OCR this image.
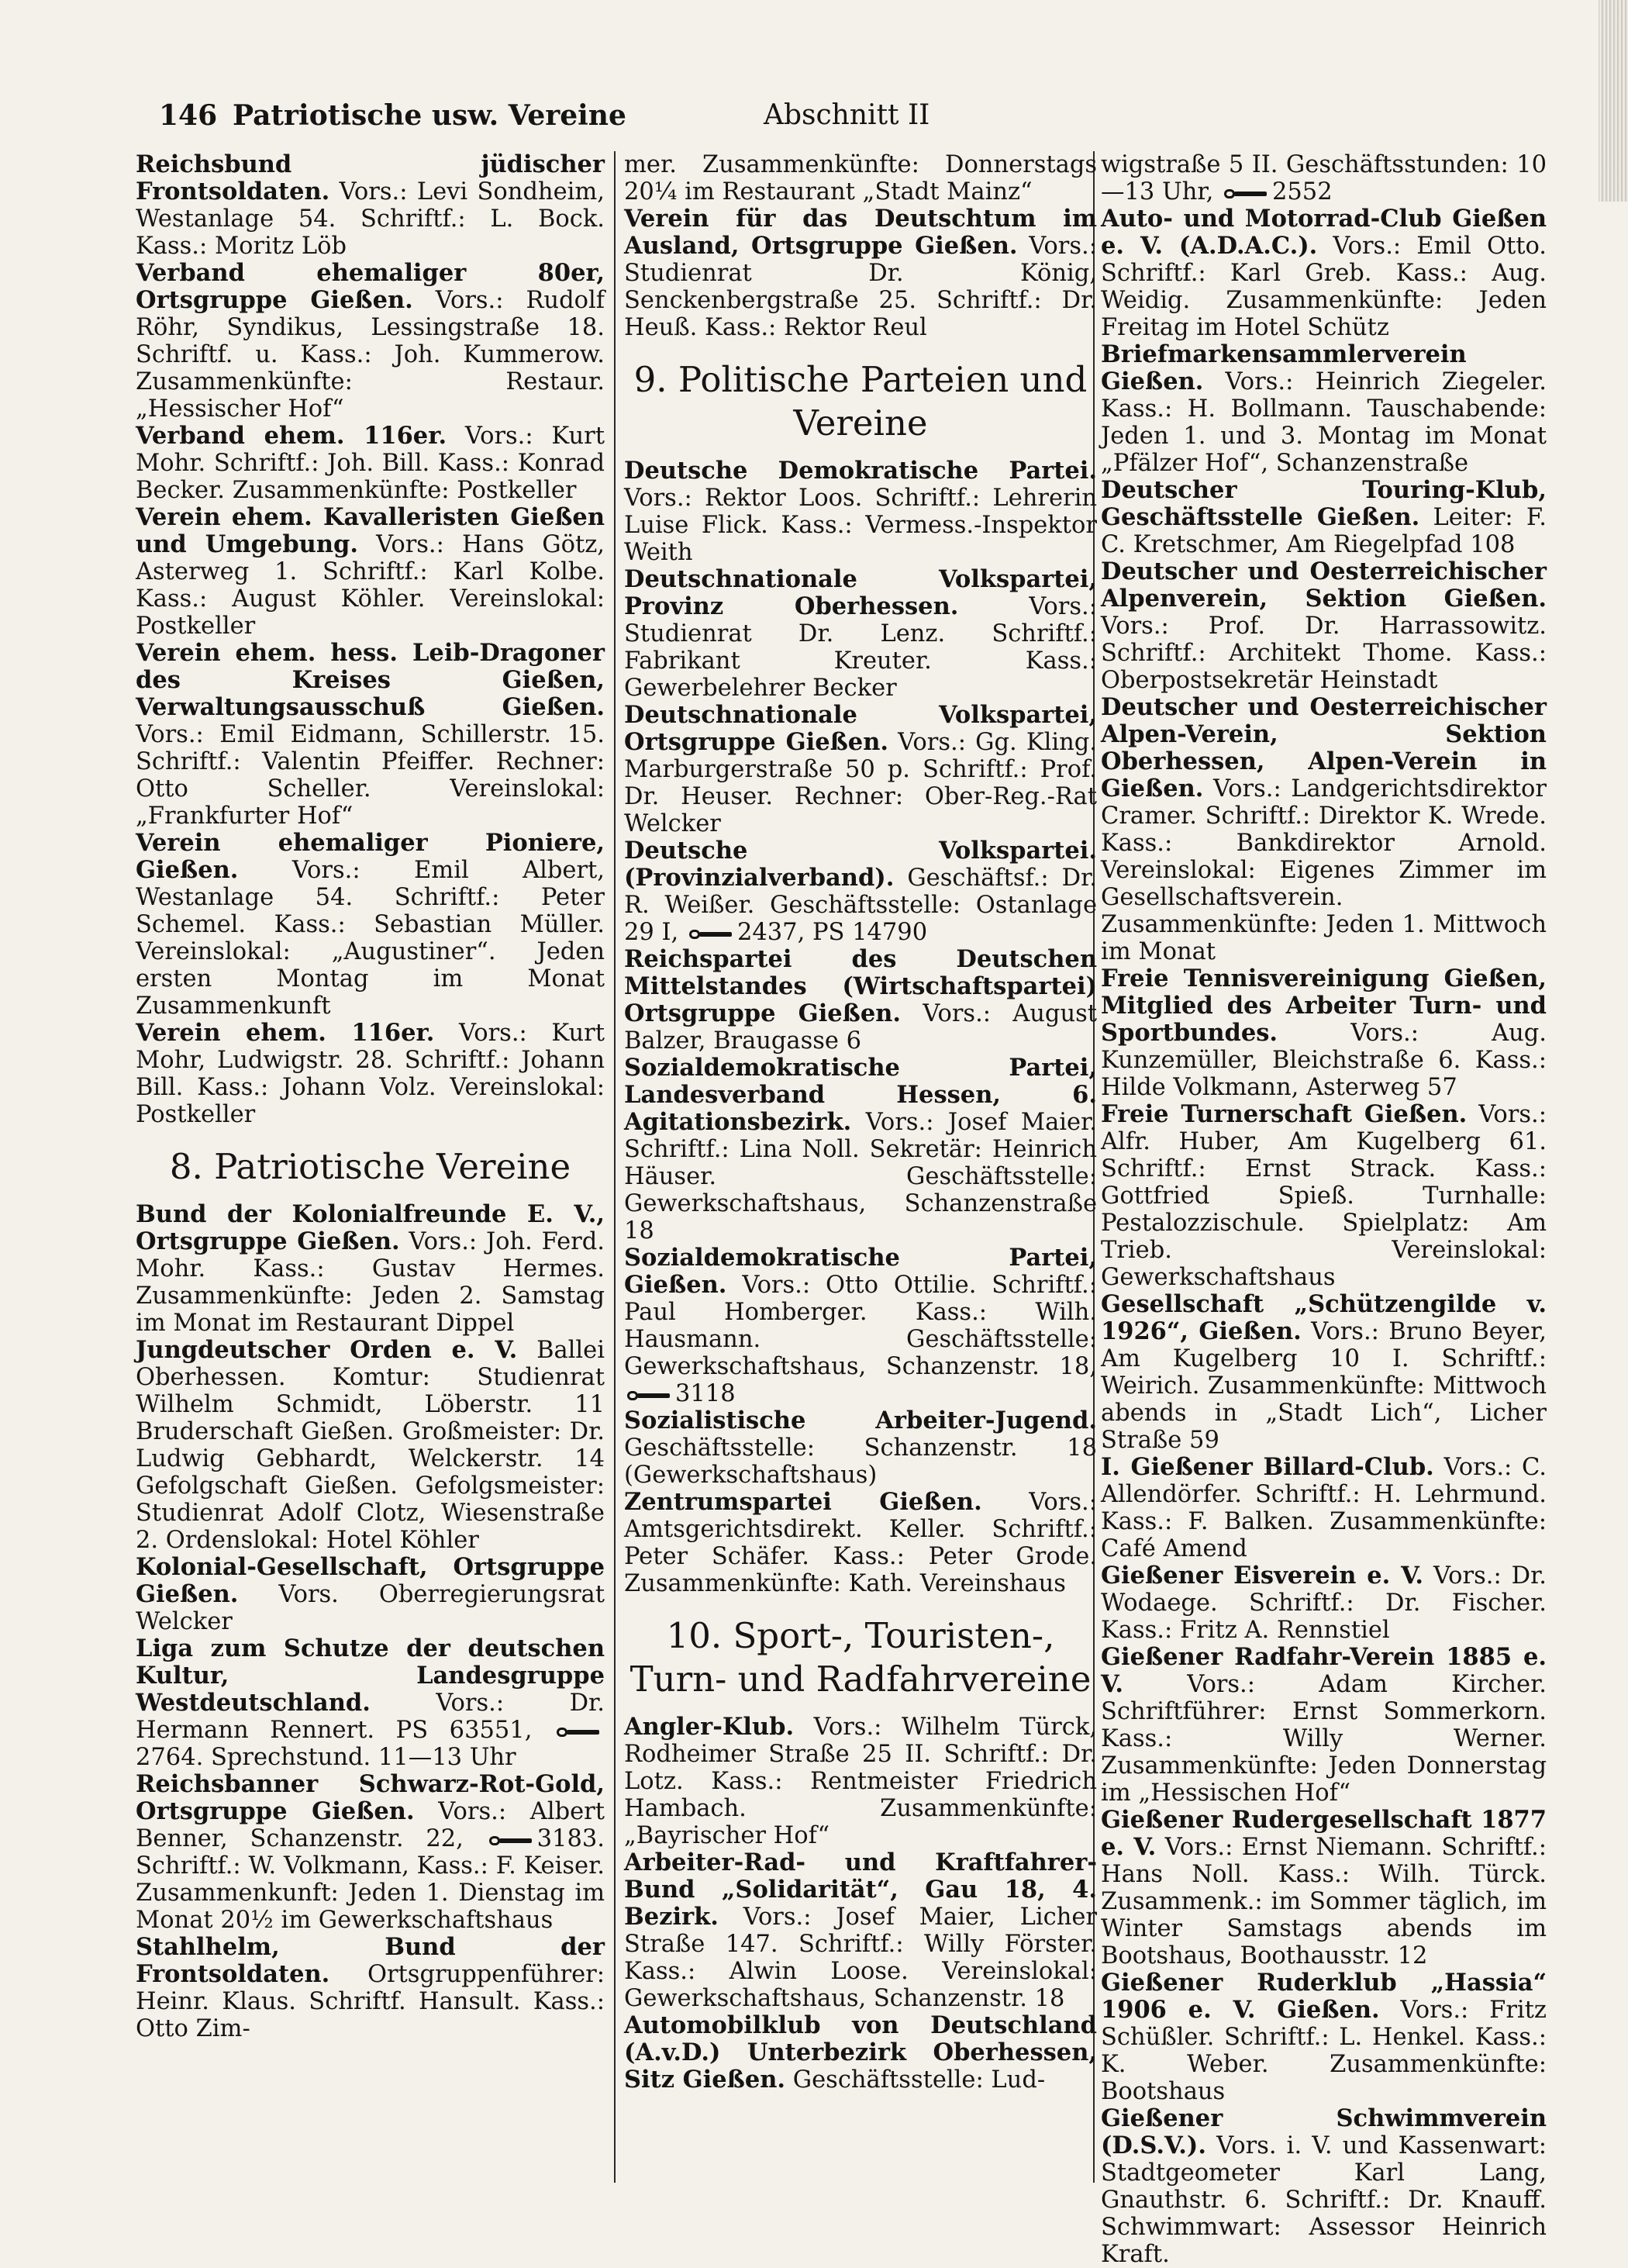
146 Patriotische usw. Vereine	Abschnitt II
Reichsbund jüdischer Frontsoldaten. Vors.: Levi Sondheim, Westanlage 54. Schriftf.: L. Bock. Kass.: Moritz Löb
Verband ehemaliger 80er, Ortsgruppe Gießen. Vors.: Rudolf Röhr, Syndikus, Lessingstraße 18. Schriftf. u. Kass.: Joh. Kummerow. Zusammenkünfte: Restaur. „Hessischer Hof“
Verband ehem. 116er. Vors.: Kurt Mohr. Schriftf.: Joh. Bill. Kass.: Konrad Becker. Zusammenkünfte: Postkeller
Verein ehem. Kavalleristen Gießen und Umgebung. Vors.: Hans Götz, Asterweg 1. Schriftf.: Karl Kolbe. Kass.: August Köhler. Vereinslokal: Postkeller
Verein ehem. hess. Leib-Dragoner des Kreises Gießen, Verwaltungsausschuß Gießen. Vors.: Emil Eidmann, Schillerstr. 15. Schriftf.: Valentin Pfeiffer. Rechner: Otto Scheller. Vereinslokal: „Frankfurter Hof“
Verein ehemaliger Pioniere, Gießen. Vors.: Emil Albert, Westanlage 54. Schriftf.: Peter Schemel. Kass.: Sebastian Müller. Vereinslokal: „Augustiner“. Jeden ersten Montag im Monat Zusammenkunft
Verein ehem. 116er. Vors.: Kurt Mohr, Ludwigstr. 28. Schriftf.: Johann Bill. Kass.: Johann Volz. Vereinslokal: Postkeller
8. Patriotische Vereine
Bund der Kolonialfreunde E. V., Ortsgruppe Gießen. Vors.: Joh. Ferd. Mohr. Kass.: Gustav Hermes. Zusammenkünfte: Jeden 2. Samstag im Monat im Restaurant Dippel
Jungdeutscher Orden e. V. Ballei Oberhessen. Komtur: Studienrat Wilhelm Schmidt, Löberstr. 11 Bruderschaft Gießen. Großmeister: Dr. Ludwig Gebhardt, Welckerstr. 14 Gefolgschaft Gießen. Gefolgsmeister: Studienrat Adolf Clotz, Wiesenstraße 2. Ordenslokal: Hotel Köhler
Kolonial-Gesellschaft, Ortsgruppe Gießen. Vors. Oberregierungsrat Welcker
Liga zum Schutze der deutschen Kultur, Landesgruppe Westdeutschland.	Vors.: Dr. Hermann Rennert. PS 63551, 2764. Sprechstund. 11—13 Uhr
Reichsbanner Schwarz-Rot-Gold, Ortsgruppe Gießen. Vors.: Albert Benner, Schanzenstr. 22,	3183. Schriftf.: W. Volkmann, Kass.: F. Keiser. Zusammenkunft: Jeden 1. Dienstag im Monat 20½ im Gewerkschaftshaus
Stahlhelm, Bund der Frontsoldaten. Ortsgruppenführer: Heinr. Klaus. Schriftf. Hansult. Kass.: Otto Zim-
mer. Zusammenkünfte: Donnerstags 20¼ im Restaurant „Stadt Mainz“
Verein für das Deutschtum im Ausland, Ortsgruppe Gießen. Vors.: Studienrat Dr. König, Senckenbergstraße 25. Schriftf.: Dr. Heuß. Kass.: Rektor Reul
9. Politische Parteien und Vereine
Deutsche Demokratische Partei. Vors.: Rektor Loos. Schriftf.: Lehrerin Luise Flick. Kass.: Vermess.-Inspektor Weith
Deutschnationale Volkspartei, Provinz Oberhessen.	Vors.: Studienrat Dr. Lenz. Schriftf.: Fabrikant Kreuter. Kass.: Gewerbelehrer Becker
Deutschnationale Volkspartei, Ortsgruppe Gießen. Vors.: Gg. Kling. Marburgerstraße 50 p. Schriftf.: Prof. Dr. Heuser. Rechner: Ober-Reg.-Rat Welcker
Deutsche Volkspartei. (Provinzialverband). Geschäftsf.: Dr. R. Weißer. Geschäftsstelle: Ostanlage 29 I, 2437, PS 14790
Reichspartei des Deutschen Mittelstandes (Wirtschaftspartei) Ortsgruppe Gießen. Vors.: August Balzer, Braugasse 6
Sozialdemokratische Partei, Landesverband Hessen, 6. Agitationsbezirk. Vors.: Josef Maier. Schriftf.: Lina Noll. Sekretär: Heinrich Häuser. Geschäftsstelle: Gewerkschaftshaus, Schanzenstraße 18
Sozialdemokratische Partei, Gießen. Vors.: Otto Ottilie. Schriftf.: Paul Homberger. Kass.: Wilh. Hausmann. Geschäftsstelle: Gewerkschaftshaus, Schanzenstr. 18, 3118
Sozialistische Arbeiter-Jugend. Geschäftsstelle: Schanzenstr. 18 (Gewerkschaftshaus)
Zentrumspartei Gießen. Vors.: Amtsgerichtsdirekt. Keller. Schriftf.: Peter Schäfer. Kass.: Peter Grode. Zusammenkünfte: Kath. Vereinshaus
10. Sport-, Touristen-, Turn- und Radfahrvereine
Angler-Klub. Vors.: Wilhelm Türck, Rodheimer Straße 25 II. Schriftf.: Dr. Lotz. Kass.: Rentmeister Friedrich Hambach. Zusammenkünfte: „Bayrischer Hof“
Arbeiter-Rad- und Kraftfahrer-Bund „Solidarität“, Gau 18, 4. Bezirk. Vors.: Josef Maier, Licher Straße 147. Schriftf.: Willy Förster. Kass.: Alwin Loose. Vereinslokal: Gewerkschaftshaus, Schanzenstr. 18
Automobilklub von Deutschland (A.v.D.) Unterbezirk Oberhessen, Sitz Gießen. Geschäftsstelle: Lud-
wigstraße 5 II. Geschäftsstunden: 10—13 Uhr, 2552
Auto- und Motorrad-Club Gießen e. V. (A.D.A.C.). Vors.: Emil Otto. Schriftf.: Karl Greb. Kass.: Aug. Weidig. Zusammenkünfte: Jeden Freitag im Hotel Schütz
Briefmarkensammlerverein Gießen. Vors.: Heinrich Ziegeler. Kass.: H. Bollmann. Tauschabende: Jeden 1. und 3. Montag im Monat „Pfälzer Hof“, Schanzenstraße
Deutscher Touring-Klub, Geschäftsstelle Gießen. Leiter: F. C. Kretschmer, Am Riegelpfad 108
Deutscher und Oesterreichischer Alpenverein, Sektion Gießen. Vors.: Prof. Dr. Harrassowitz. Schriftf.: Architekt Thome. Kass.: Oberpostsekretär Heinstadt
Deutscher und Oesterreichischer Alpen-Verein, Sektion Oberhessen, Alpen-Verein in Gießen. Vors.: Landgerichtsdirektor Cramer. Schriftf.: Direktor K. Wrede. Kass.: Bankdirektor Arnold. Vereinslokal: Eigenes Zimmer im Gesellschaftsverein. Zusammenkünfte: Jeden 1. Mittwoch im Monat
Freie Tennisvereinigung Gießen, Mitglied des Arbeiter Turn- und Sportbundes.	Vors.: Aug. Kunzemüller, Bleichstraße 6. Kass.: Hilde Volkmann, Asterweg 57
Freie Turnerschaft Gießen. Vors.: Alfr. Huber, Am Kugelberg 61. Schriftf.: Ernst Strack. Kass.: Gottfried Spieß. Turnhalle: Pestalozzischule. Spielplatz: Am Trieb. Vereinslokal: Gewerkschaftshaus
Gesellschaft „Schützengilde v. 1926“, Gießen. Vors.: Bruno Beyer, Am Kugelberg 10 I. Schriftf.: Weirich. Zusammenkünfte: Mittwoch abends in „Stadt Lich“, Licher Straße 59
I. Gießener Billard-Club. Vors.: C. Allendörfer. Schriftf.: H. Lehrmund. Kass.: F. Balken. Zusammenkünfte: Café Amend
Gießener Eisverein e. V. Vors.: Dr. Wodaege. Schriftf.: Dr. Fischer. Kass.: Fritz A. Rennstiel
Gießener Radfahr-Verein 1885 e. V.	Vors.: Adam Kircher. Schriftführer: Ernst Sommerkorn. Kass.: Willy Werner. Zusammenkünfte: Jeden Donnerstag im „Hessischen Hof“
Gießener Rudergesellschaft 1877 e. V. Vors.: Ernst Niemann. Schriftf.: Hans Noll. Kass.: Wilh. Türck. Zusammenk.: im Sommer täglich, im Winter Samstags abends im Bootshaus, Boothausstr. 12
Gießener Ruderklub „Hassia“ 1906 e. V. Gießen. Vors.: Fritz Schüßler. Schriftf.: L. Henkel. Kass.: K. Weber. Zusammenkünfte: Bootshaus
Gießener Schwimmverein (D.S.V.). Vors. i. V. und Kassenwart: Stadtgeometer Karl Lang, Gnauthstr. 6. Schriftf.: Dr. Knauff. Schwimmwart: Assessor Heinrich Kraft.
